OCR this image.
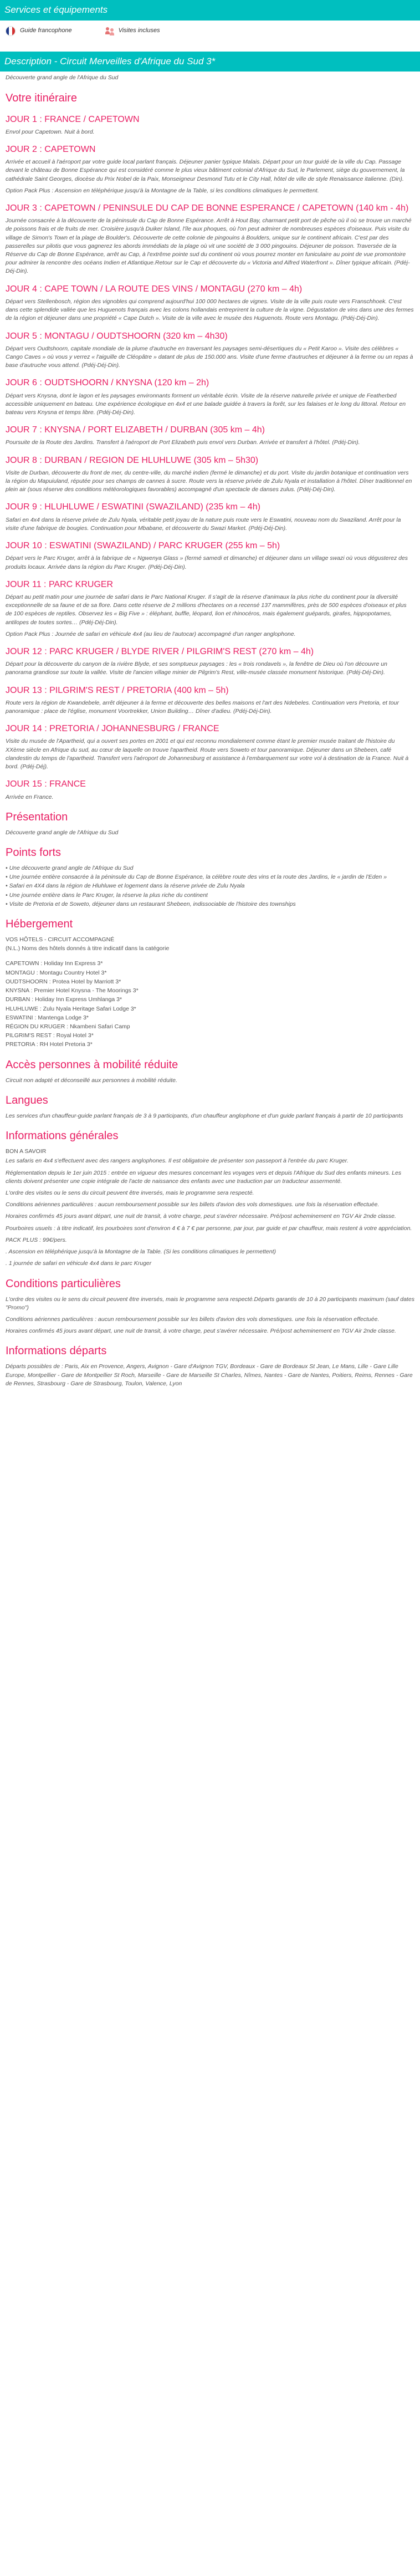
Services et équipements
Guide francophone	Visites incluses
Description - Circuit Merveilles d'Afrique du Sud 3*
Découverte grand angle de l'Afrique du Sud
Votre itinéraire
JOUR 1 : FRANCE / CAPETOWN

Envol pour Capetown. Nuit à bord.

JOUR 2 : CAPETOWN

Arrivée et accueil à l'aéroport par votre guide local parlant français. Déjeuner panier typique Malais. Départ pour un tour guidé de la ville du Cap. Passage devant le château de Bonne Espérance qui est considéré comme le plus vieux bâtiment colonial d'Afrique du Sud, le Parlement, siège du gouvernement, la cathédrale Saint Georges, diocèse du Prix Nobel de la Paix, Monseigneur Desmond Tutu et le City Hall, hôtel de ville de style Renaissance italienne. (Din).

Option Pack Plus : Ascension en téléphérique jusqu'à la Montagne de la Table, si les conditions climatiques le permettent.

JOUR 3 : CAPETOWN / PENINSULE DU CAP DE BONNE ESPERANCE / CAPETOWN (140 km - 4h)

Journée consacrée à la découverte de la péninsule du Cap de Bonne Espérance. Arrêt à Hout Bay, charmant petit port de pêche où il où se trouve un marché de poissons frais et de fruits de mer. Croisière jusqu'à Duiker Island, l'île aux phoques, où l'on peut admirer de nombreuses espèces d'oiseaux. Puis visite du village de Simon's Town et la plage de Boulder's. Découverte de cette colonie de pingouins à Boulders, unique sur le continent africain. C'est par des passerelles sur pilotis que vous gagnerez les abords immédiats de la plage où vit une société de 3 000 pingouins. Déjeuner de poisson. Traversée de la Réserve du Cap de Bonne Espérance, arrêt au Cap, à l'extrême pointe sud du continent où vous pourrez monter en funiculaire au point de vue promontoire pour admirer la rencontre des océans Indien et Atlantique.Retour sur le Cap et découverte du « Victoria and Alfred Waterfront ». Dîner typique africain. (Pdéj-Déj-Din).

JOUR 4 : CAPE TOWN / LA ROUTE DES VINS / MONTAGU (270 km – 4h)

Départ vers Stellenbosch, région des vignobles qui comprend aujourd'hui 100 000 hectares de vignes. Visite de la ville puis route vers Franschhoek. C'est dans cette splendide vallée que les Huguenots français avec les colons hollandais entreprirent la culture de la vigne. Dégustation de vins dans une des fermes de la région et déjeuner dans une propriété « Cape Dutch ». Visite de la ville avec le musée des Huguenots. Route vers Montagu. (Pdéj-Déj-Din).

JOUR 5 : MONTAGU / OUDTSHOORN (320 km – 4h30)

Départ vers Oudtshoorn, capitale mondiale de la plume d'autruche en traversant les paysages semi-désertiques du « Petit Karoo ». Visite des célèbres « Cango Caves » où vous y verrez « l'aiguille de Cléopâtre » datant de plus de 150.000 ans. Visite d'une ferme d'autruches et déjeuner à la ferme ou un repas à base d'autruche vous attend. (Pdéj-Déj-Din).

JOUR 6 : OUDTSHOORN / KNYSNA (120 km – 2h)

Départ vers Knysna, dont le lagon et les paysages environnants forment un véritable écrin. Visite de la réserve naturelle privée et unique de Featherbed accessible uniquement en bateau. Une expérience écologique en 4x4 et une balade guidée à travers la forêt, sur les falaises et le long du littoral. Retour en bateau vers Knysna et temps libre. (Pdéj-Déj-Din).

JOUR 7 : KNYSNA / PORT ELIZABETH / DURBAN (305 km – 4h)

Poursuite de la Route des Jardins. Transfert à l'aéroport de Port Elizabeth puis envol vers Durban. Arrivée et transfert à l'hôtel. (Pdéj-Din).

JOUR 8 : DURBAN / REGION DE HLUHLUWE (305 km – 5h30)

Visite de Durban, découverte du front de mer, du centre-ville, du marché indien (fermé le dimanche) et du port. Visite du jardin botanique et continuation vers la région du Mapuiuland, réputée pour ses champs de cannes à sucre. Route vers la réserve privée de Zulu Nyala et installation à l'hôtel. Dîner traditionnel en plein air (sous réserve des conditions météorologiques favorables) accompagné d'un spectacle de danses zulus. (Pdéj-Déj-Din).

JOUR 9 : HLUHLUWE / ESWATINI (SWAZILAND) (235 km – 4h)

Safari en 4x4 dans la réserve privée de Zulu Nyala, véritable petit joyau de la nature puis route vers le Eswatini, nouveau nom du Swaziland. Arrêt pour la visite d'une fabrique de bougies. Continuation pour Mbabane, et découverte du Swazi Market. (Pdéj-Déj-Din).

JOUR 10 : ESWATINI (SWAZILAND) / PARC KRUGER (255 km – 5h)

Départ vers le Parc Kruger, arrêt à la fabrique de « Ngwenya Glass » (fermé samedi et dimanche) et déjeuner dans un village swazi où vous dégusterez des produits locaux. Arrivée dans la région du Parc Kruger. (Pdéj-Déj-Din).

JOUR 11 : PARC KRUGER

Départ au petit matin pour une journée de safari dans le Parc National Kruger. Il s'agit de la réserve d'animaux la plus riche du continent pour la diversité exceptionnelle de sa faune et de sa flore. Dans cette réserve de 2 millions d'hectares on a recensé 137 mammifères, près de 500 espèces d'oiseaux et plus de 100 espèces de reptiles. Observez les « Big Five » : éléphant, buffle, léopard, lion et rhinocéros, mais également guépards, girafes, hippopotames, antilopes de toutes sortes… (Pdéj-Déj-Din).

Option Pack Plus : Journée de safari en véhicule 4x4 (au lieu de l'autocar) accompagné d'un ranger anglophone.

JOUR 12 : PARC KRUGER / BLYDE RIVER / PILGRIM'S REST (270 km – 4h)

Départ pour la découverte du canyon de la rivière Blyde, et ses somptueux paysages : les « trois rondavels », la fenêtre de Dieu où l'on découvre un panorama grandiose sur toute la vallée. Visite de l'ancien village minier de Pilgrim's Rest, ville-musée classée monument historique. (Pdéj-Déj-Din).

JOUR 13 : PILGRIM'S REST / PRETORIA (400 km – 5h)

Route vers la région de Kwandebele, arrêt déjeuner à la ferme et découverte des belles maisons et l'art des Ndebeles. Continuation vers Pretoria, et tour panoramique : place de l'église, monument Voortrekker, Union Building… Dîner d'adieu. (Pdéj-Déj-Din).

JOUR 14 : PRETORIA / JOHANNESBURG / FRANCE

Visite du musée de l'Apartheid, qui a ouvert ses portes en 2001 et qui est reconnu mondialement comme étant le premier musée traitant de l'histoire du XXème siècle en Afrique du sud, au cœur de laquelle on trouve l'apartheid. Route vers Soweto et tour panoramique. Déjeuner dans un Shebeen, café clandestin du temps de l'apartheid. Transfert vers l'aéroport de Johannesburg et assistance à l'embarquement sur votre vol à destination de la France. Nuit à bord. (Pdéj-Déj).

JOUR 15 : FRANCE

Arrivée en France.

Présentation

Découverte grand angle de l'Afrique du Sud

Points forts
• Une découverte grand angle de l'Afrique du Sud
• Une journée entière consacrée à la péninsule du Cap de Bonne Espérance, la célèbre route des vins et la route des Jardins, le « jardin de l'Eden »
• Safari en 4X4 dans la région de Hluhluwe et logement dans la réserve privée de Zulu Nyala
• Une journée entière dans le Parc Kruger, la réserve la plus riche du continent
• Visite de Pretoria et de Soweto, déjeuner dans un restaurant Shebeen, indissociable de l'histoire des townships
Hébergement
VOS HÔTELS - CIRCUIT ACCOMPAGNÉ
(N.L.) Noms des hôtels donnés à titre indicatif dans la catégorie
CAPETOWN : Holiday Inn Express 3*
MONTAGU : Montagu Country Hotel 3*
OUDTSHOORN : Protea Hotel by Marriott 3*
KNYSNA : Premier Hotel Knysna - The Moorings 3*
DURBAN : Holiday Inn Express Umhlanga 3*
HLUHLUWE : Zulu Nyala Heritage Safari Lodge 3*
ESWATINI : Mantenga Lodge 3*
RÉGION DU KRUGER : Nkambeni Safari Camp
PILGRIM'S REST : Royal Hotel 3*
PRETORIA : RH Hotel Pretoria 3*
Accès personnes à mobilité réduite

Circuit non adapté et déconseillé aux personnes à mobilité réduite.

Langues

Les services d'un chauffeur-guide parlant français de 3 à 9 participants, d'un chauffeur anglophone et d'un guide parlant français à partir de 10 participants

Informations générales
BON A SAVOIR

Les safaris en 4x4 s'effectuent avec des rangers anglophones. Il est obligatoire de présenter son passeport à l'entrée du parc Kruger.

Réglementation depuis le 1er juin 2015 : entrée en vigueur des mesures concernant les voyages vers et depuis l'Afrique du Sud des enfants mineurs. Les clients doivent présenter une copie intégrale de l'acte de naissance des enfants avec une traduction par un traducteur assermenté.

L'ordre des visites ou le sens du circuit peuvent être inversés, mais le programme sera respecté.

Conditions aériennes particulières : aucun remboursement possible sur les billets d'avion des vols domestiques. une fois la réservation effectuée.

Horaires confirmés 45 jours avant départ, une nuit de transit, à votre charge, peut s'avérer nécessaire. Pré/post acheminement en TGV Air 2nde classe.

Pourboires usuels : à titre indicatif, les pourboires sont d'environ 4 € à 7 € par personne, par jour, par guide et par chauffeur, mais restent à votre appréciation.

PACK PLUS : 99€/pers.

. Ascension en téléphérique jusqu'à la Montagne de la Table. (Si les conditions climatiques le permettent)

. 1 journée de safari en véhicule 4x4 dans le parc Kruger

Conditions particulières

L'ordre des visites ou le sens du circuit peuvent être inversés, mais le programme sera respecté.Départs garantis de 10 à 20 participants maximum (sauf dates "Promo")

Conditions aériennes particulières : aucun remboursement possible sur les billets d'avion des vols domestiques. une fois la réservation effectuée.

Horaires confirmés 45 jours avant départ, une nuit de transit, à votre charge, peut s'avérer nécessaire. Pré/post acheminement en TGV Air 2nde classe.

Informations départs

Départs possibles de : Paris, Aix en Provence, Angers, Avignon - Gare d'Avignon TGV, Bordeaux - Gare de Bordeaux St Jean, Le Mans, Lille - Gare Lille Europe, Montpellier - Gare de Montpellier St Roch, Marseille - Gare de Marseille St Charles, Nîmes, Nantes - Gare de Nantes, Poitiers, Reims, Rennes - Gare de Rennes, Strasbourg - Gare de Strasbourg, Toulon, Valence, Lyon
